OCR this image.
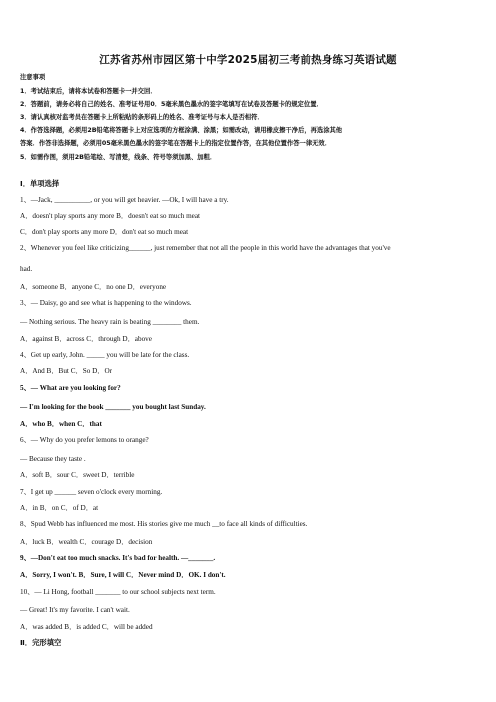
江苏省苏州市园区第十中学2025届初三考前热身练习英语试题
注意事项
1．考试结束后，请将本试卷和答题卡一并交回．
2．答题前，请务必将自己的姓名、准考证号用0．5毫米黑色墨水的签字笔填写在试卷及答题卡的规定位置．
3．请认真核对监考员在答题卡上所粘贴的条形码上的姓名、准考证号与本人是否相符．
4．作答选择题，必须用2B铅笔将答题卡上对应选项的方框涂满、涂黑；如需改动，请用橡皮擦干净后，再选涂其他
答案．作答非选择题，必须用05毫米黑色墨水的签字笔在答题卡上的指定位置作答，在其他位置作答一律无效．
5．如需作图，须用2B铅笔绘、写清楚，线条、符号等须加黑、加粗．
Ⅰ．单项选择
1、—Jack, __________, or you will get heavier. —Ok, I will have a try.
A．doesn't play sports any more B．doesn't eat so much meat
C．don't play sports any more D．don't eat so much meat
2、Whenever you feel like criticizing______, just remember that not all the people in this world have the advantages that you've
had.
A．someone B．anyone C．no one D．everyone
3、— Daisy, go and see what is happening to the windows.
— Nothing serious. The heavy rain is beating ________ them.
A．against B．across C．through D．above
4、Get up early, John. _____ you will be late for the class.
A．And B．But C．So D．Or
5、— What are you looking for?
— I'm looking for the book _______ you bought last Sunday.
A．who B．when C．that
6、— Why do you prefer lemons to orange?
— Because they taste .
A．soft B．sour C．sweet D．terrible
7、I get up ______ seven o'clock every morning.
A．in B．on C．of D．at
8、Spud Webb has influenced me most. His stories give me much __to face all kinds of difficulties.
A．luck B．wealth C．courage D．decision
9、—Don't eat too much snacks. It's bad for health. —_______.
A．Sorry, I won't. B．Sure, I will C．Never mind D．OK. I don't.
10、— Li Hong, football _______ to our school subjects next term.
— Great! It's my favorite. I can't wait.
A．was added B．is added C．will be added
Ⅱ．完形填空
